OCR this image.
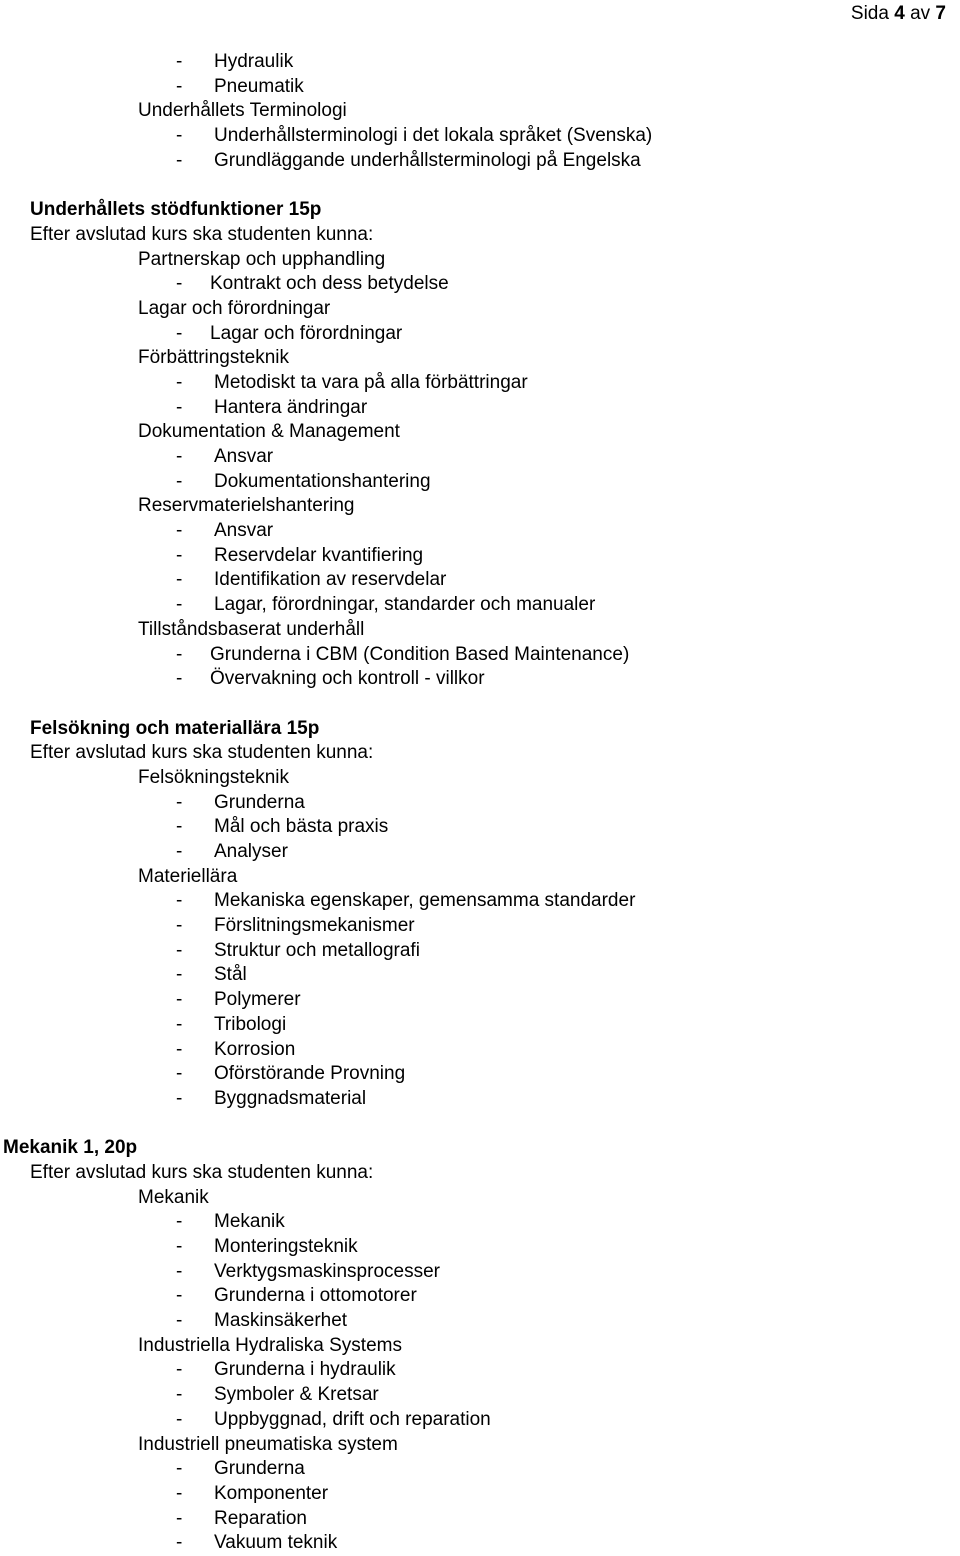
Sida 4 av 7
- Hydraulik
- Pneumatik
Underhållets Terminologi
- Underhållsterminologi i det lokala språket (Svenska)
- Grundläggande underhållsterminologi på Engelska
Underhållets stödfunktioner 15p
Efter avslutad kurs ska studenten kunna:
Partnerskap och upphandling
- Kontrakt och dess betydelse
Lagar och förordningar
- Lagar och förordningar
Förbättringsteknik
- Metodiskt ta vara på alla förbättringar
- Hantera ändringar
Dokumentation & Management
- Ansvar
- Dokumentationshantering
Reservmaterielshantering
- Ansvar
- Reservdelar kvantifiering
- Identifikation av reservdelar
- Lagar, förordningar, standarder och manualer
Tillståndsbaserat underhåll
- Grunderna i CBM (Condition Based Maintenance)
- Övervakning och kontroll - villkor
Felsökning och materiallära 15p
Efter avslutad kurs ska studenten kunna:
Felsökningsteknik
- Grunderna
- Mål och bästa praxis
- Analyser
Materiellära
- Mekaniska egenskaper, gemensamma standarder
- Förslitningsmekanismer
- Struktur och metallografi
- Stål
- Polymerer
- Tribologi
- Korrosion
- Oförstörande Provning
- Byggnadsmaterial
Mekanik 1, 20p
Efter avslutad kurs ska studenten kunna:
Mekanik
- Mekanik
- Monteringsteknik
- Verktygsmaskinsprocesser
- Grunderna i ottomotorer
- Maskinsäkerhet
Industriella Hydraliska Systems
- Grunderna i hydraulik
- Symboler & Kretsar
- Uppbyggnad, drift och reparation
Industriell pneumatiska system
- Grunderna
- Komponenter
- Reparation
- Vakuum teknik
